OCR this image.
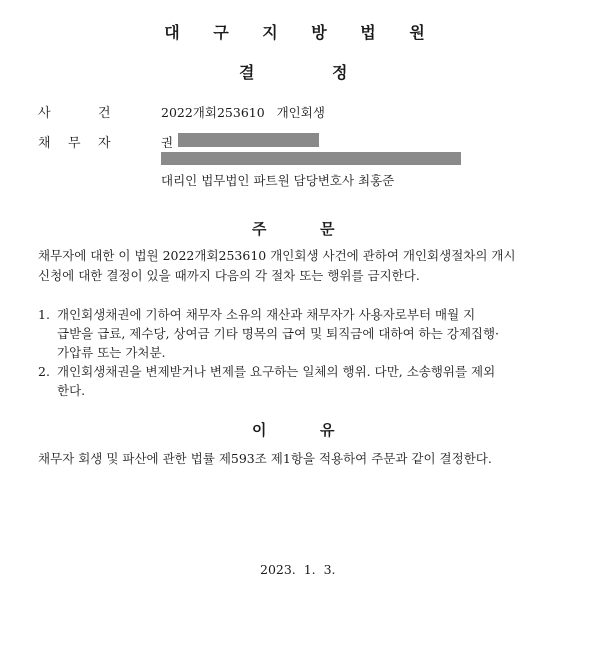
대 구 지 방 법 원
결	정
사	건	2022개회253610   개인회생
채 무 자	권
대리인 법무법인 파트원 담당변호사 최홍준
주	문
채무자에 대한 이 법원 2022개회253610 개인회생 사건에 관하여 개인회생절차의 개시
신청에 대한 결정이 있을 때까지 다음의 각 절차 또는 행위를 금지한다.
1. 개인회생채권에 기하여 채무자 소유의 재산과 채무자가 사용자로부터 매월 지
급받을 급료, 제수당, 상여금 기타 명목의 급여 및 퇴직금에 대하여 하는 강제집행·
가압류 또는 가처분.
2. 개인회생채권을 변제받거나 변제를 요구하는 일체의 행위. 다만, 소송행위를 제외
한다.
이	유
채무자 회생 및 파산에 관한 법률 제593조 제1항을 적용하여 주문과 같이 결정한다.
2023.  1.  3.
